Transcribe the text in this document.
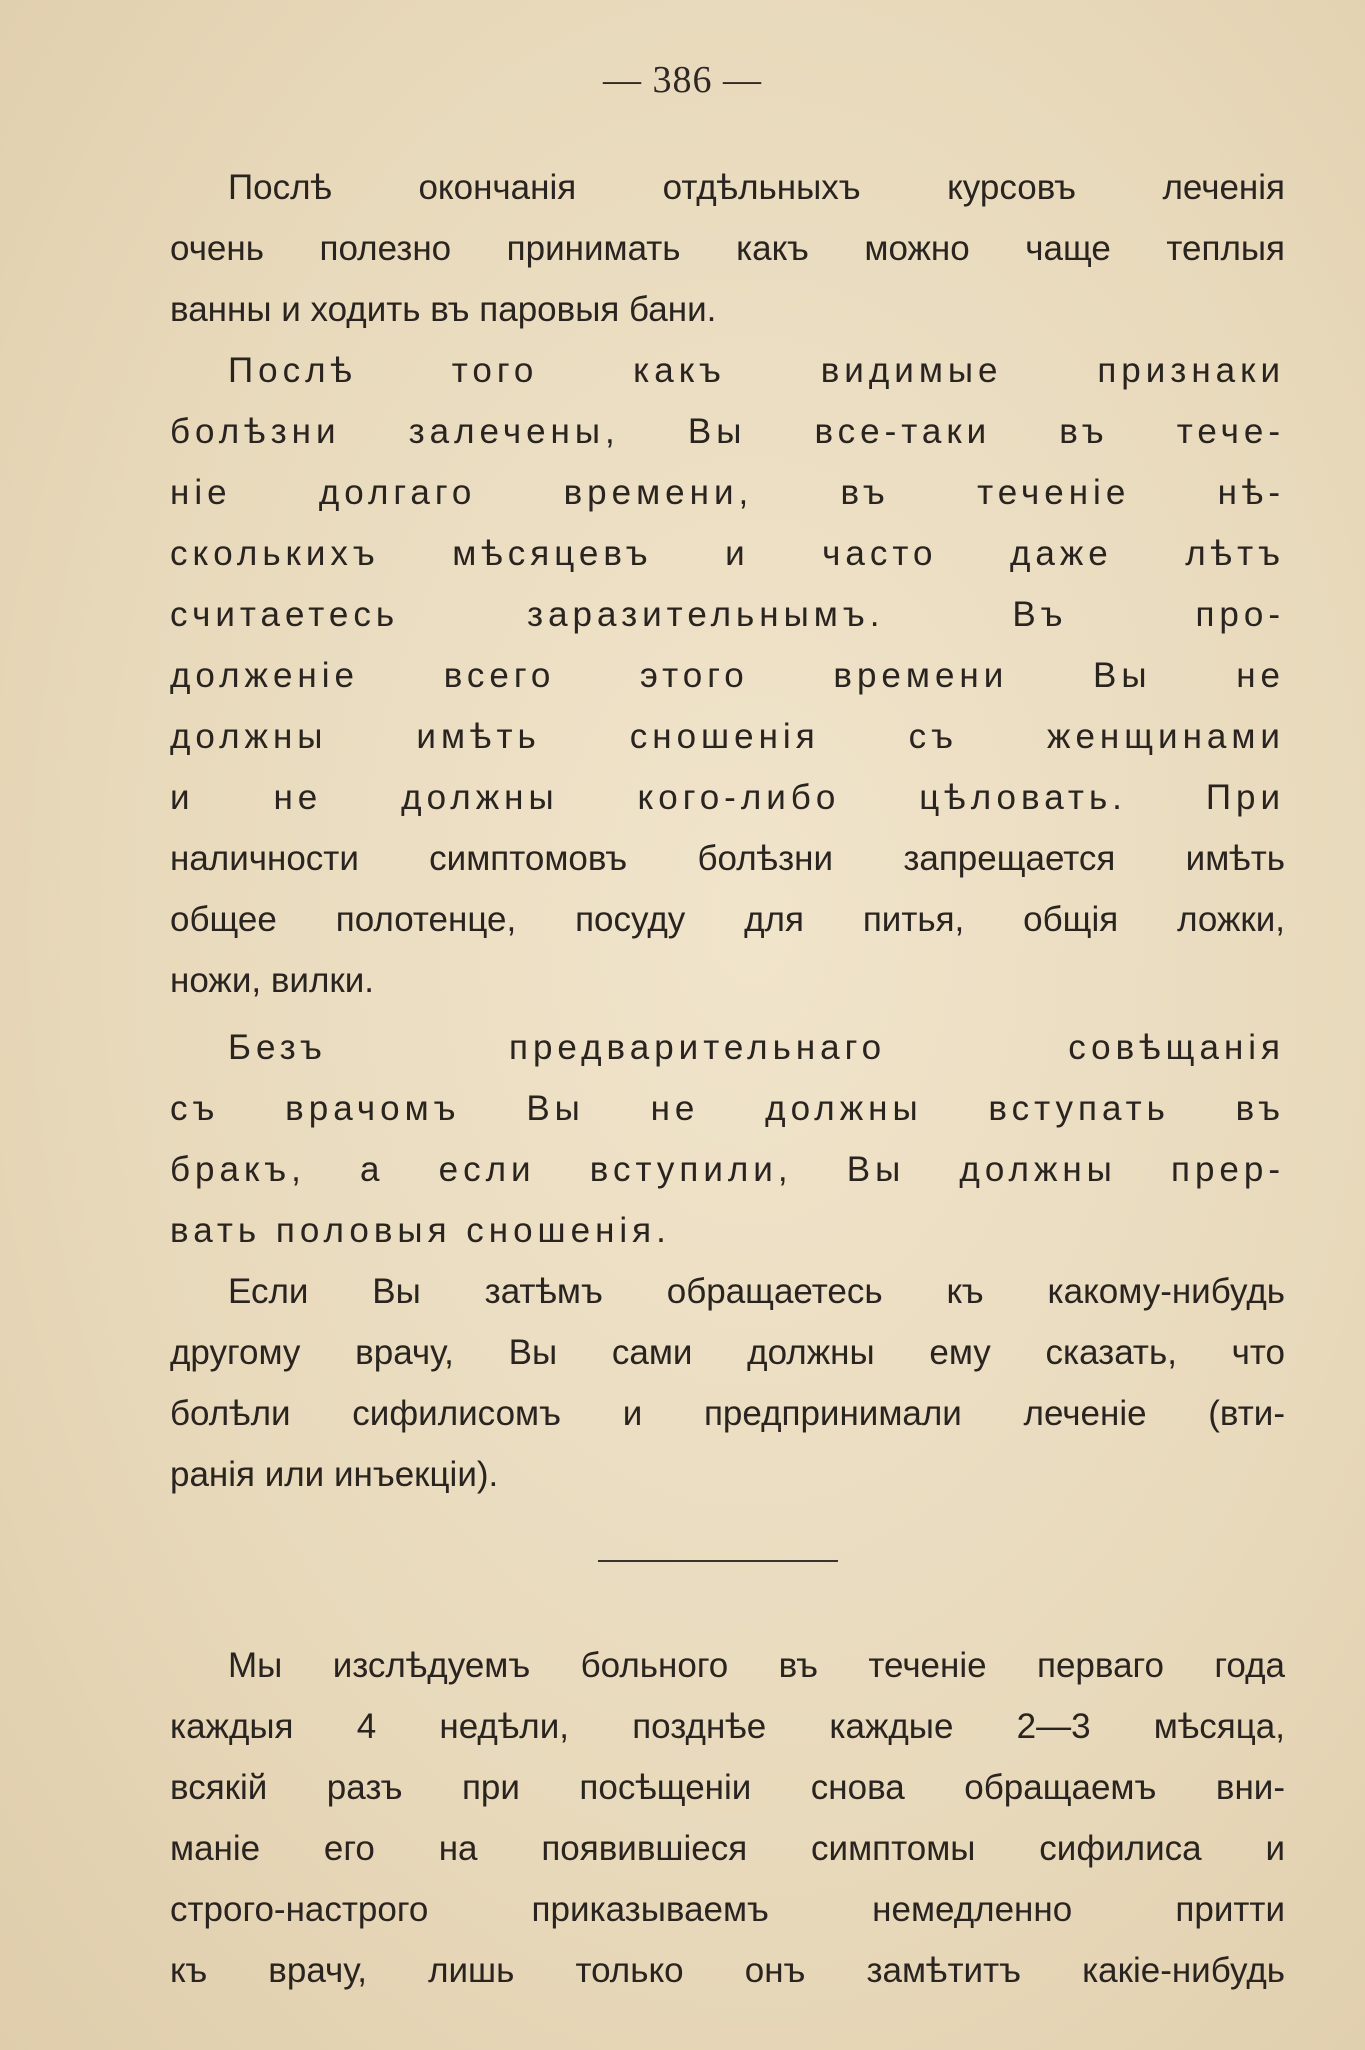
— 386 —
Послѣ окончанія отдѣльныхъ курсовъ леченія
очень полезно принимать какъ можно чаще теплыя
ванны и ходить въ паровыя бани.
Послѣ того какъ видимые признаки
болѣзни залечены, Вы все-таки въ тече-
ніе долгаго времени, въ теченіе нѣ-
сколькихъ мѣсяцевъ и часто даже лѣтъ
считаетесь заразительнымъ. Въ про-
долженіе всего этого времени Вы не
должны имѣть сношенія съ женщинами
и не должны кого-либо цѣловать. При
наличности симптомовъ болѣзни запрещается имѣть
общее полотенце, посуду для питья, общія ложки,
ножи, вилки.
Безъ предварительнаго совѣщанія
съ врачомъ Вы не должны вступать въ
бракъ, а если вступили, Вы должны прер-
вать половыя сношенія.
Если Вы затѣмъ обращаетесь къ какому-нибудь
другому врачу, Вы сами должны ему сказать, что
болѣли сифилисомъ и предпринимали леченіе (вти-
ранія или инъекціи).
Мы изслѣдуемъ больного въ теченіе перваго года
каждыя 4 недѣли, позднѣе каждые 2—3 мѣсяца,
всякій разъ при посѣщеніи снова обращаемъ вни-
маніе его на появившіеся симптомы сифилиса и
строго-настрого приказываемъ немедленно притти
къ врачу, лишь только онъ замѣтитъ какіе-нибудь
